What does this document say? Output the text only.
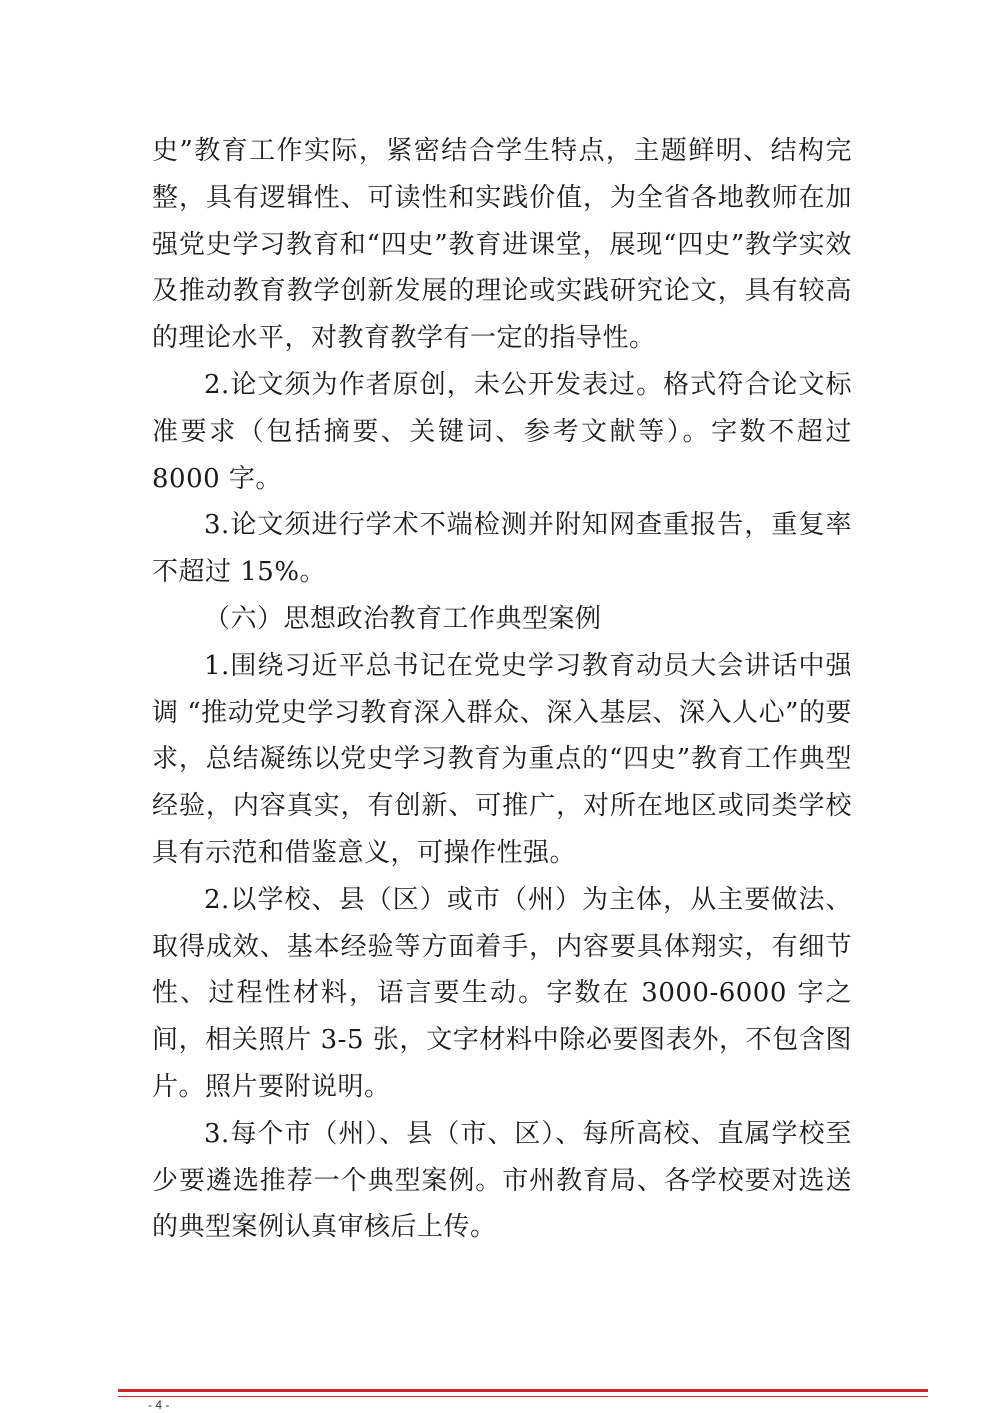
史”教育工作实际，紧密结合学生特点，主题鲜明、结构完整，具有逻辑性、可读性和实践价值，为全省各地教师在加强党史学习教育和“四史”教育进课堂，展现“四史”教学实效及推动教育教学创新发展的理论或实践研究论文，具有较高的理论水平，对教育教学有一定的指导性。

2.论文须为作者原创，未公开发表过。格式符合论文标准要求（包括摘要、关键词、参考文献等）。字数不超过 8000 字。

3.论文须进行学术不端检测并附知网查重报告，重复率不超过 15%。

（六）思想政治教育工作典型案例

1.围绕习近平总书记在党史学习教育动员大会讲话中强调 “推动党史学习教育深入群众、深入基层、深入人心”的要求，总结凝练以党史学习教育为重点的“四史”教育工作典型经验，内容真实，有创新、可推广，对所在地区或同类学校具有示范和借鉴意义，可操作性强。

2.以学校、县（区）或市（州）为主体，从主要做法、取得成效、基本经验等方面着手，内容要具体翔实，有细节性、过程性材料，语言要生动。字数在 3000-6000 字之间，相关照片 3-5 张，文字材料中除必要图表外，不包含图片。照片要附说明。

3.每个市（州）、县（市、区）、每所高校、直属学校至少要遴选推荐一个典型案例。市州教育局、各学校要对选送的典型案例认真审核后上传。

- 4 -
